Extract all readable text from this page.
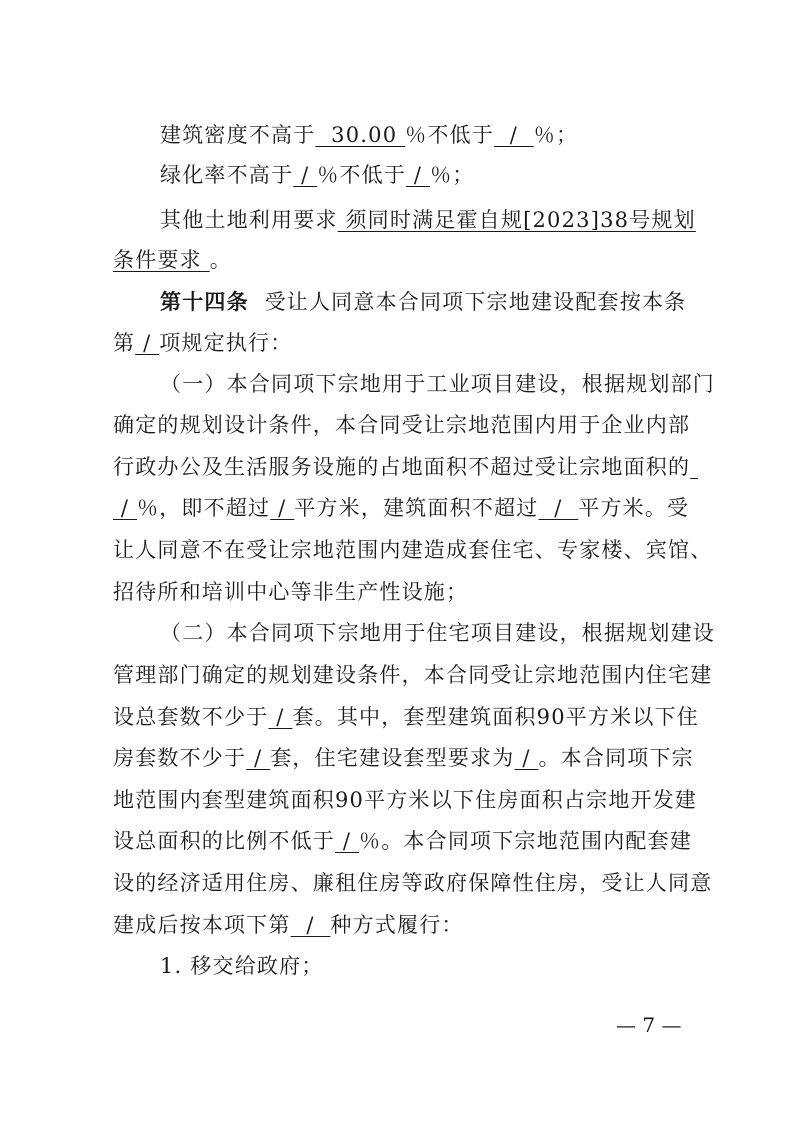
建筑密度不高于  30.00 ％不低于  /  ％；
绿化率不高于 / ％不低于 / ％；
其他土地利用要求 须同时满足霍自规[2023]38号规划
条件要求 。
第十四条  受让人同意本合同项下宗地建设配套按本条
第 / 项规定执行：
（一）本合同项下宗地用于工业项目建设，根据规划部门
确定的规划设计条件，本合同受让宗地范围内用于企业内部
行政办公及生活服务设施的占地面积不超过受让宗地面积的
/ ％，即不超过 / 平方米，建筑面积不超过  /  平方米。受
让人同意不在受让宗地范围内建造成套住宅、专家楼、宾馆、
招待所和培训中心等非生产性设施；
（二）本合同项下宗地用于住宅项目建设，根据规划建设
管理部门确定的规划建设条件，本合同受让宗地范围内住宅建
设总套数不少于 / 套。其中，套型建筑面积90平方米以下住
房套数不少于 / 套，住宅建设套型要求为 / 。本合同项下宗
地范围内套型建筑面积90平方米以下住房面积占宗地开发建
设总面积的比例不低于 / ％。本合同项下宗地范围内配套建
设的经济适用住房、廉租住房等政府保障性住房，受让人同意
建成后按本项下第  /  种方式履行：
1. 移交给政府；
— 7 —
